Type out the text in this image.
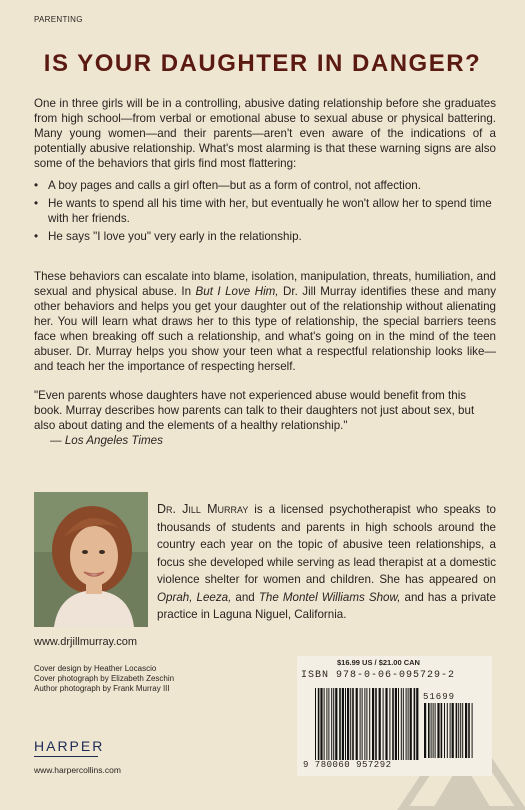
PARENTING
IS YOUR DAUGHTER IN DANGER?
One in three girls will be in a controlling, abusive dating relationship before she graduates from high school—from verbal or emotional abuse to sexual abuse or physical battering. Many young women—and their parents—aren't even aware of the indications of a potentially abusive relationship. What's most alarming is that these warning signs are also some of the behaviors that girls find most flattering:
• A boy pages and calls a girl often—but as a form of control, not affection.
• He wants to spend all his time with her, but eventually he won't allow her to spend time with her friends.
• He says "I love you" very early in the relationship.
These behaviors can escalate into blame, isolation, manipulation, threats, humiliation, and sexual and physical abuse. In But I Love Him, Dr. Jill Murray identifies these and many other behaviors and helps you get your daughter out of the relationship without alienating her. You will learn what draws her to this type of relationship, the special barriers teens face when breaking off such a relationship, and what's going on in the mind of the teen abuser. Dr. Murray helps you show your teen what a respectful relationship looks like—and teach her the importance of respecting herself.
"Even parents whose daughters have not experienced abuse would benefit from this book. Murray describes how parents can talk to their daughters not just about sex, but also about dating and the elements of a healthy relationship."
— Los Angeles Times
Dr. Jill Murray is a licensed psychotherapist who speaks to thousands of students and parents in high schools around the country each year on the topic of abusive teen relationships, a focus she developed while serving as lead therapist at a domestic violence shelter for women and children. She has appeared on Oprah, Leeza, and The Montel Williams Show, and has a private practice in Laguna Niguel, California.
www.drjillmurray.com
Cover design by Heather Locascio
Cover photograph by Elizabeth Zeschin
Author photograph by Frank Murray III
HARPER
www.harpercollins.com
$16.99 US / $21.00 CAN
ISBN 978-0-06-095729-2
51699
9 780060 957292
